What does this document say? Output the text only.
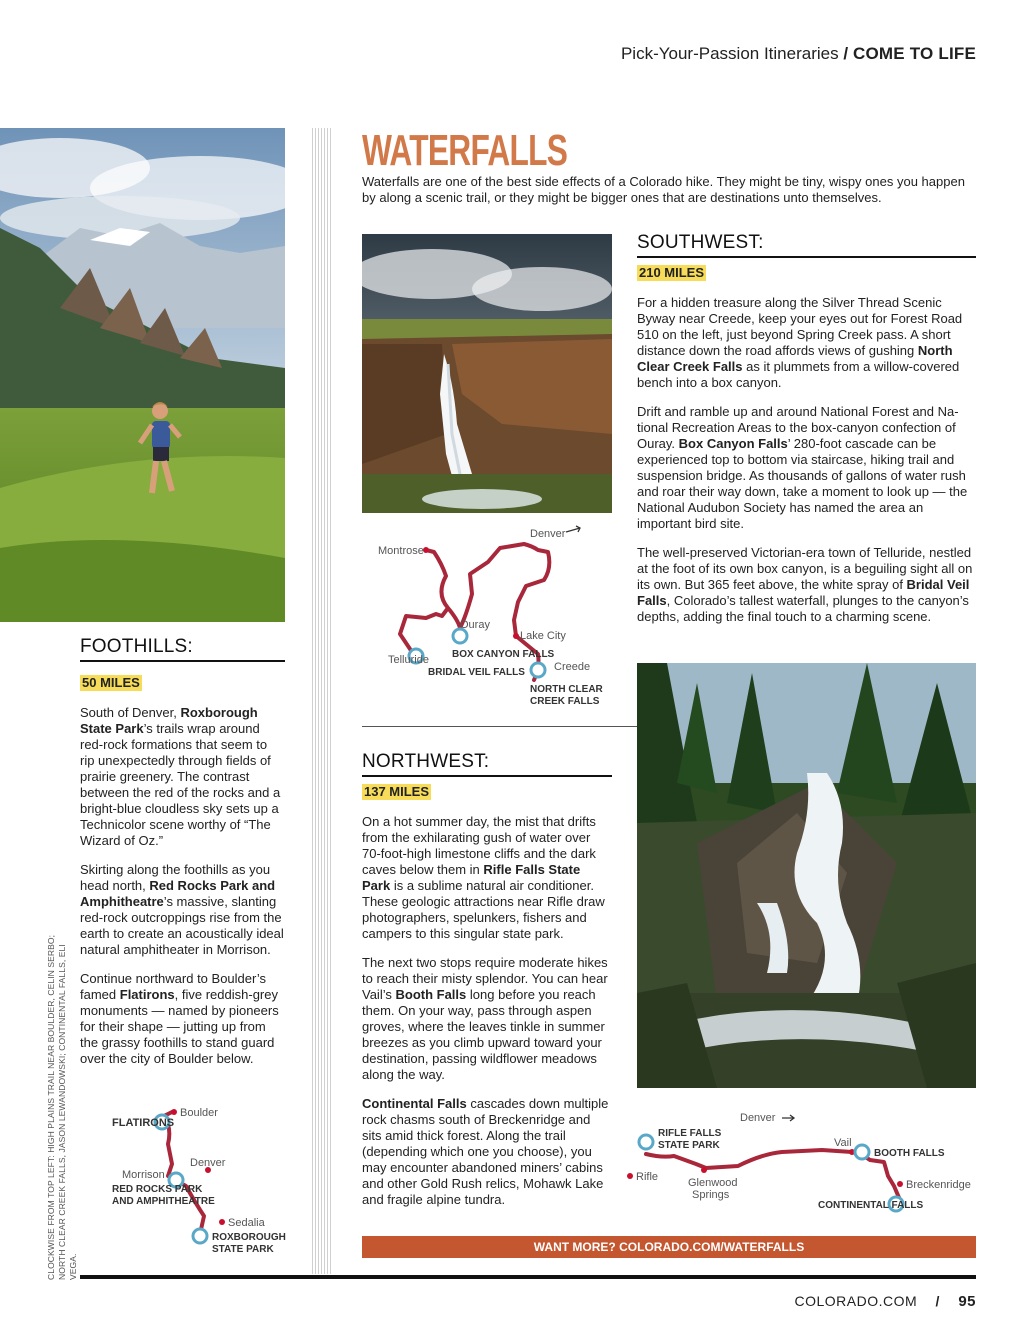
Pick-Your-Passion Itineraries / COME TO LIFE
WATERFALLS
Waterfalls are one of the best side effects of a Colorado hike. They might be tiny, wispy ones you happen by along a scenic trail, or they might be bigger ones that are destinations unto themselves.
Denver
Montrose
Ouray
Lake City
BOX CANYON FALLS
Telluride
BRIDAL VEIL FALLS	Creede
NORTH CLEAR
CREEK FALLS
SOUTHWEST:
210 MILES

For a hidden treasure along the Silver Thread Scenic Byway near Creede, keep your eyes out for Forest Road 510 on the left, just beyond Spring Creek pass. A short distance down the road affords views of gushing North Clear Creek Falls as it plummets from a willow-covered bench into a box canyon.

Drift and ramble up and around National Forest and National Recreation Areas to the box-canyon confection of Ouray. Box Canyon Falls’ 280-foot cascade can be experienced top to bottom via staircase, hiking trail and suspension bridge. As thousands of gallons of water rush and roar their way down, take a moment to look up — the National Audubon Society has named the area an important bird site.

The well-preserved Victorian-era town of Telluride, nestled at the foot of its own box canyon, is a beguiling sight all on its own. But 365 feet above, the white spray of Bridal Veil Falls, Colorado’s tallest waterfall, plunges to the canyon’s depths, adding the final touch to a charming scene.

FOOTHILLS:
50 MILES

South of Denver, Roxborough State Park’s trails wrap around red-rock formations that seem to rip unexpectedly through fields of prairie greenery. The contrast between the red of the rocks and a bright-blue cloudless sky sets up a Technicolor scene worthy of “The Wizard of Oz.”

Skirting along the foothills as you head north, Red Rocks Park and Amphitheatre’s massive, slanting red-rock outcroppings rise from the earth to create an acoustically ideal natural amphitheater in Morrison.

Continue northward to Boulder’s famed Flatirons, five reddish-grey monuments — named by pioneers for their shape — jutting up from the grassy foothills to stand guard over the city of Boulder below.

FLATIRONS
Boulder
Denver
Morrison
RED ROCKS PARK
AND AMPHITHEATRE
Sedalia
ROXBOROUGH
STATE PARK
NORTHWEST:
137 MILES

On a hot summer day, the mist that drifts from the exhilarating gush of water over 70-foot-high limestone cliffs and the dark caves below them in Rifle Falls State Park is a sublime natural air conditioner. These geologic attractions near Rifle draw photographers, spelunkers, fishers and campers to this singular state park.

The next two stops require moderate hikes to reach their misty splendor. You can hear Vail’s Booth Falls long before you reach them. On your way, pass through aspen groves, where the leaves tinkle in summer breezes as you climb upward toward your destination, passing wildflower meadows along the way.

Continental Falls cascades down multiple rock chasms south of Breckenridge and sits amid thick forest. Along the trail (depending which one you choose), you may encounter abandoned miners’ cabins and other Gold Rush relics, Mohawk Lake and fragile alpine tundra.

RIFLE FALLS
STATE PARK
Rifle	Glenwood
Springs
Denver
Vail
BOOTH FALLS
Breckenridge
CONTINENTAL FALLS
CLOCKWISE FROM TOP LEFT: HIGH PLAINS TRAIL NEAR BOULDER, CELIN SERBO; NORTH CLEAR CREEK FALLS, JASON LEWANDOWSKI; CONTINENTAL FALLS, ELI VEGA.
WANT MORE? COLORADO.COM/WATERFALLS
COLORADO.COM / 95
